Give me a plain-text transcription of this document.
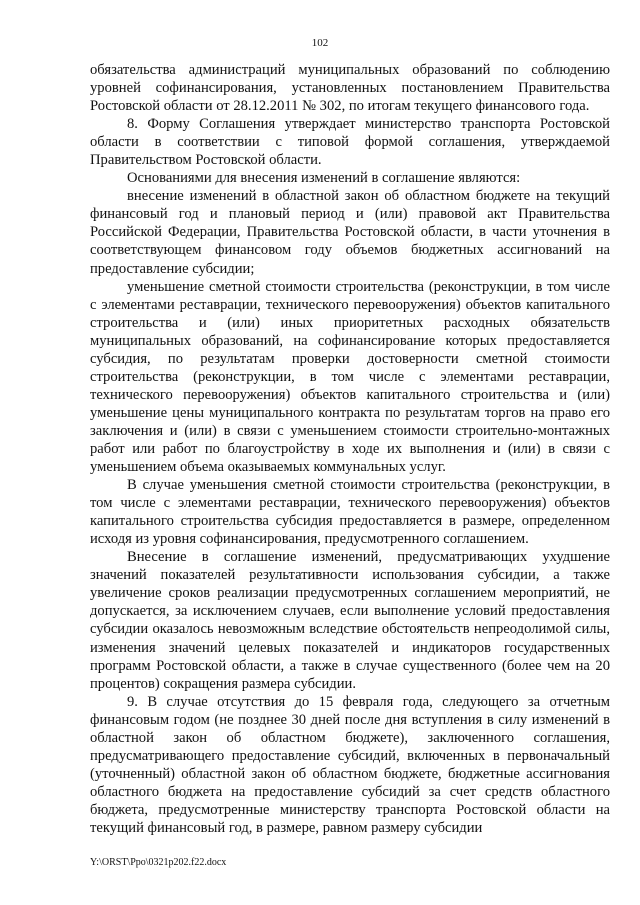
102

обязательства администраций муниципальных образований по соблюдению уровней софинансирования, установленных постановлением Правительства Ростовской области от 28.12.2011 № 302, по итогам текущего финансового года.

8. Форму Соглашения утверждает министерство транспорта Ростовской области в соответствии с типовой формой соглашения, утверждаемой Правительством Ростовской области.

Основаниями для внесения изменений в соглашение являются:

внесение изменений в областной закон об областном бюджете на текущий финансовый год и плановый период и (или) правовой акт Правительства Российской Федерации, Правительства Ростовской области, в части уточнения в соответствующем финансовом году объемов бюджетных ассигнований на предоставление субсидии;

уменьшение сметной стоимости строительства (реконструкции, в том числе с элементами реставрации, технического перевооружения) объектов капитального строительства и (или) иных приоритетных расходных обязательств муниципальных образований, на софинансирование которых предоставляется субсидия, по результатам проверки достоверности сметной стоимости строительства (реконструкции, в том числе с элементами реставрации, технического перевооружения) объектов капитального строительства и (или) уменьшение цены муниципального контракта по результатам торгов на право его заключения и (или) в связи с уменьшением стоимости строительно-монтажных работ или работ по благоустройству в ходе их выполнения и (или) в связи с уменьшением объема оказываемых коммунальных услуг.

В случае уменьшения сметной стоимости строительства (реконструкции, в том числе с элементами реставрации, технического перевооружения) объектов капитального строительства субсидия предоставляется в размере, определенном исходя из уровня софинансирования, предусмотренного соглашением.

Внесение в соглашение изменений, предусматривающих ухудшение значений показателей результативности использования субсидии, а также увеличение сроков реализации предусмотренных соглашением мероприятий, не допускается, за исключением случаев, если выполнение условий предоставления субсидии оказалось невозможным вследствие обстоятельств непреодолимой силы, изменения значений целевых показателей и индикаторов государственных программ Ростовской области, а также в случае существенного (более чем на 20 процентов) сокращения размера субсидии.

9. В случае отсутствия до 15 февраля года, следующего за отчетным финансовым годом (не позднее 30 дней после дня вступления в силу изменений в областной закон об областном бюджете), заключенного соглашения, предусматривающего предоставление субсидий, включенных в первоначальный (уточненный) областной закон об областном бюджете, бюджетные ассигнования областного бюджета на предоставление субсидий за счет средств областного бюджета, предусмотренные министерству транспорта Ростовской области на текущий финансовый год, в размере, равном размеру субсидии

Y:\ORST\Ppo\0321p202.f22.docx
